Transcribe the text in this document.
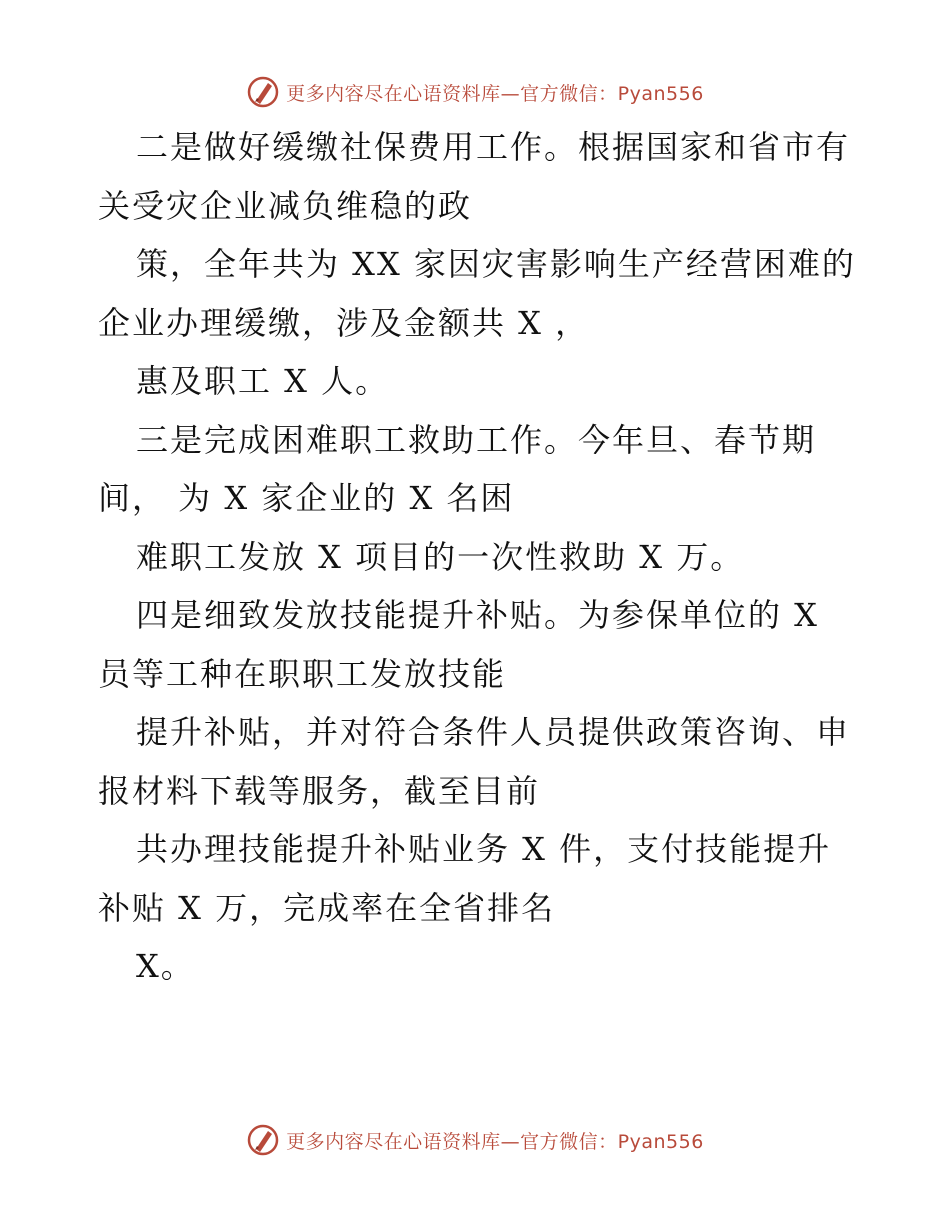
更多内容尽在心语资料库—官方微信：Pyan556
二是做好缓缴社保费用工作。根据国家和省市有
关受灾企业减负维稳的政
策，全年共为 XX 家因灾害影响生产经营困难的
企业办理缓缴，涉及金额共 X ，
惠及职工 X 人。
三是完成困难职工救助工作。今年旦、春节期
间， 为 X 家企业的 X 名困
难职工发放 X 项目的一次性救助 X 万。
四是细致发放技能提升补贴。为参保单位的 X
员等工种在职职工发放技能
提升补贴，并对符合条件人员提供政策咨询、申
报材料下载等服务，截至目前
共办理技能提升补贴业务 X 件，支付技能提升
补贴 X 万，完成率在全省排名
X。
更多内容尽在心语资料库—官方微信：Pyan556
